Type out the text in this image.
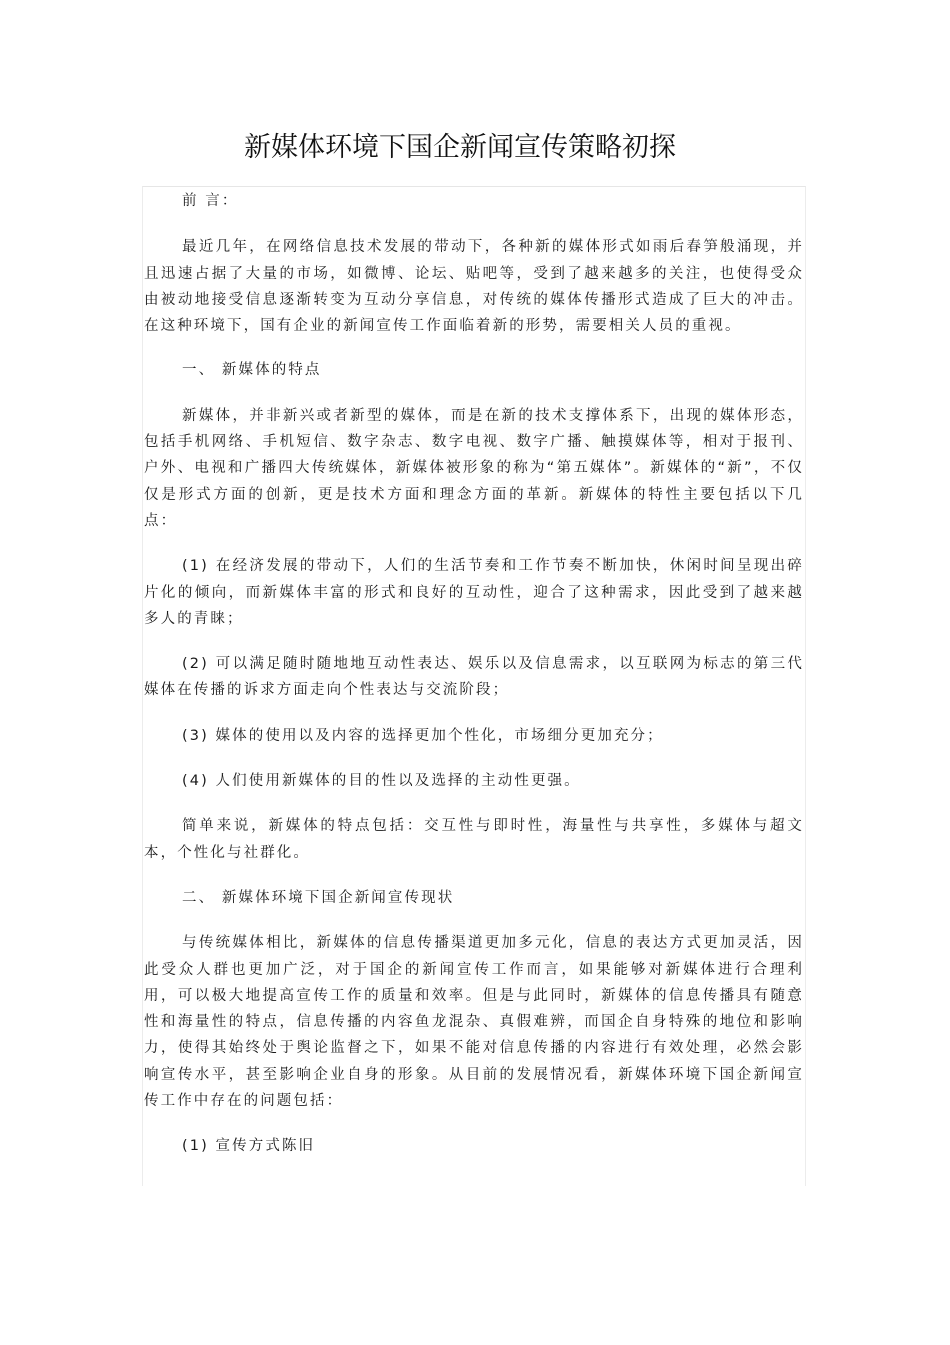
新媒体环境下国企新闻宣传策略初探

前 言：

最近几年，在网络信息技术发展的带动下，各种新的媒体形式如雨后春笋般涌现，并且迅速占据了大量的市场，如微博、论坛、贴吧等，受到了越来越多的关注，也使得受众由被动地接受信息逐渐转变为互动分享信息，对传统的媒体传播形式造成了巨大的冲击。在这种环境下，国有企业的新闻宣传工作面临着新的形势，需要相关人员的重视。

一、 新媒体的特点

新媒体，并非新兴或者新型的媒体，而是在新的技术支撑体系下，出现的媒体形态，包括手机网络、手机短信、数字杂志、数字电视、数字广播、触摸媒体等，相对于报刊、户外、电视和广播四大传统媒体，新媒体被形象的称为“第五媒体”。新媒体的“新”，不仅仅是形式方面的创新，更是技术方面和理念方面的革新。新媒体的特性主要包括以下几点：

(1) 在经济发展的带动下，人们的生活节奏和工作节奏不断加快，休闲时间呈现出碎片化的倾向，而新媒体丰富的形式和良好的互动性，迎合了这种需求，因此受到了越来越多人的青睐；

(2) 可以满足随时随地地互动性表达、娱乐以及信息需求，以互联网为标志的第三代媒体在传播的诉求方面走向个性表达与交流阶段；

(3) 媒体的使用以及内容的选择更加个性化，市场细分更加充分；

(4) 人们使用新媒体的目的性以及选择的主动性更强。

简单来说，新媒体的特点包括：交互性与即时性，海量性与共享性，多媒体与超文本，个性化与社群化。

二、 新媒体环境下国企新闻宣传现状

与传统媒体相比，新媒体的信息传播渠道更加多元化，信息的表达方式更加灵活，因此受众人群也更加广泛，对于国企的新闻宣传工作而言，如果能够对新媒体进行合理利用，可以极大地提高宣传工作的质量和效率。但是与此同时，新媒体的信息传播具有随意性和海量性的特点，信息传播的内容鱼龙混杂、真假难辨，而国企自身特殊的地位和影响力，使得其始终处于舆论监督之下，如果不能对信息传播的内容进行有效处理，必然会影响宣传水平，甚至影响企业自身的形象。从目前的发展情况看，新媒体环境下国企新闻宣传工作中存在的问题包括：

(1) 宣传方式陈旧
